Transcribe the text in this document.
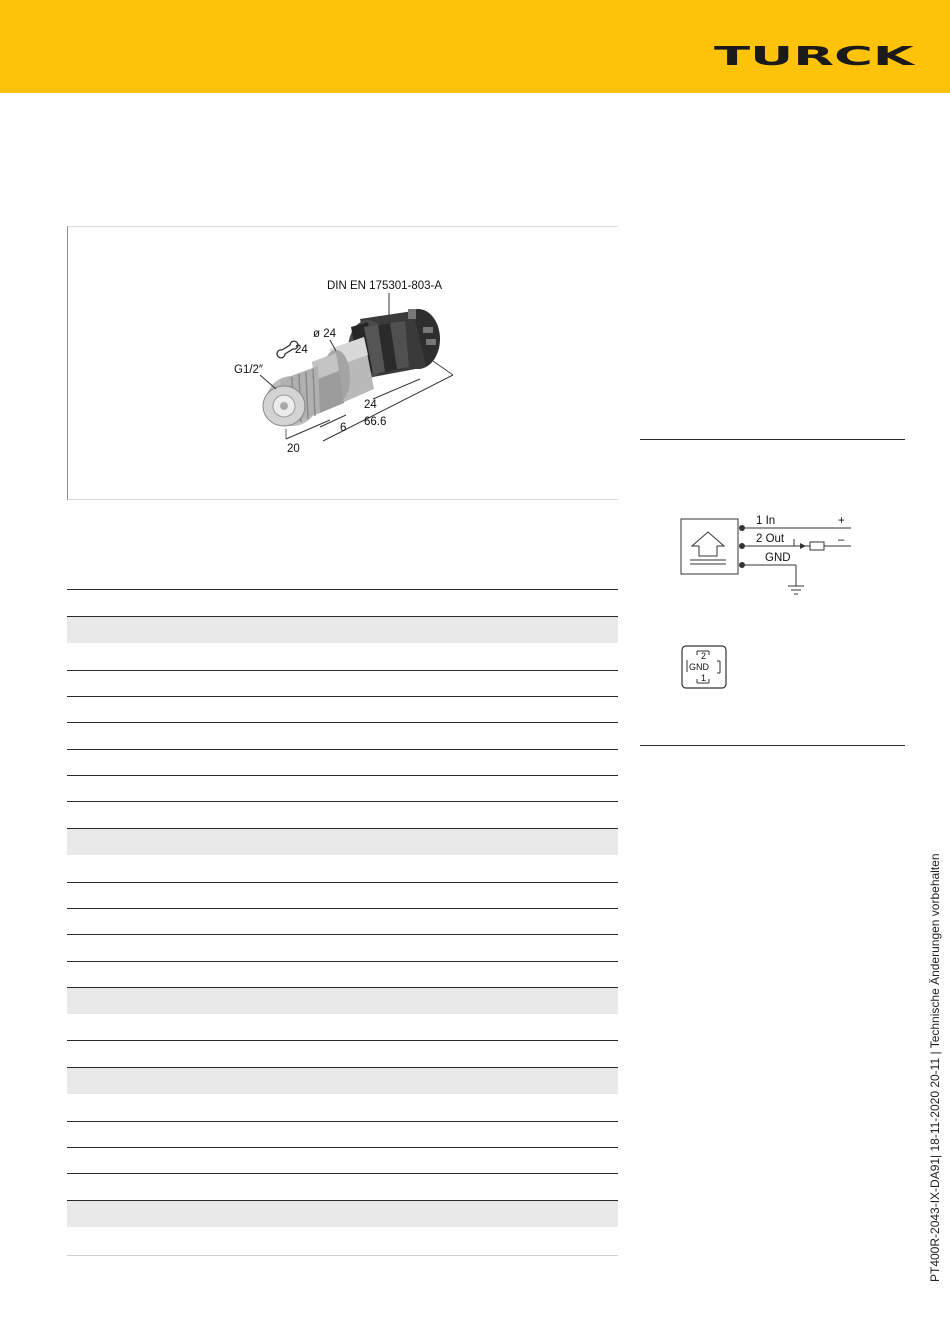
TURCK
DIN EN 175301-803-A
ø 24
24
G1/2″
24
66.6
6
20
1 In
2 Out
GND
+
–
2
GND
1
PT400R-2043-IX-DA91| 18-11-2020 20-11 | Technische Änderungen vorbehalten
